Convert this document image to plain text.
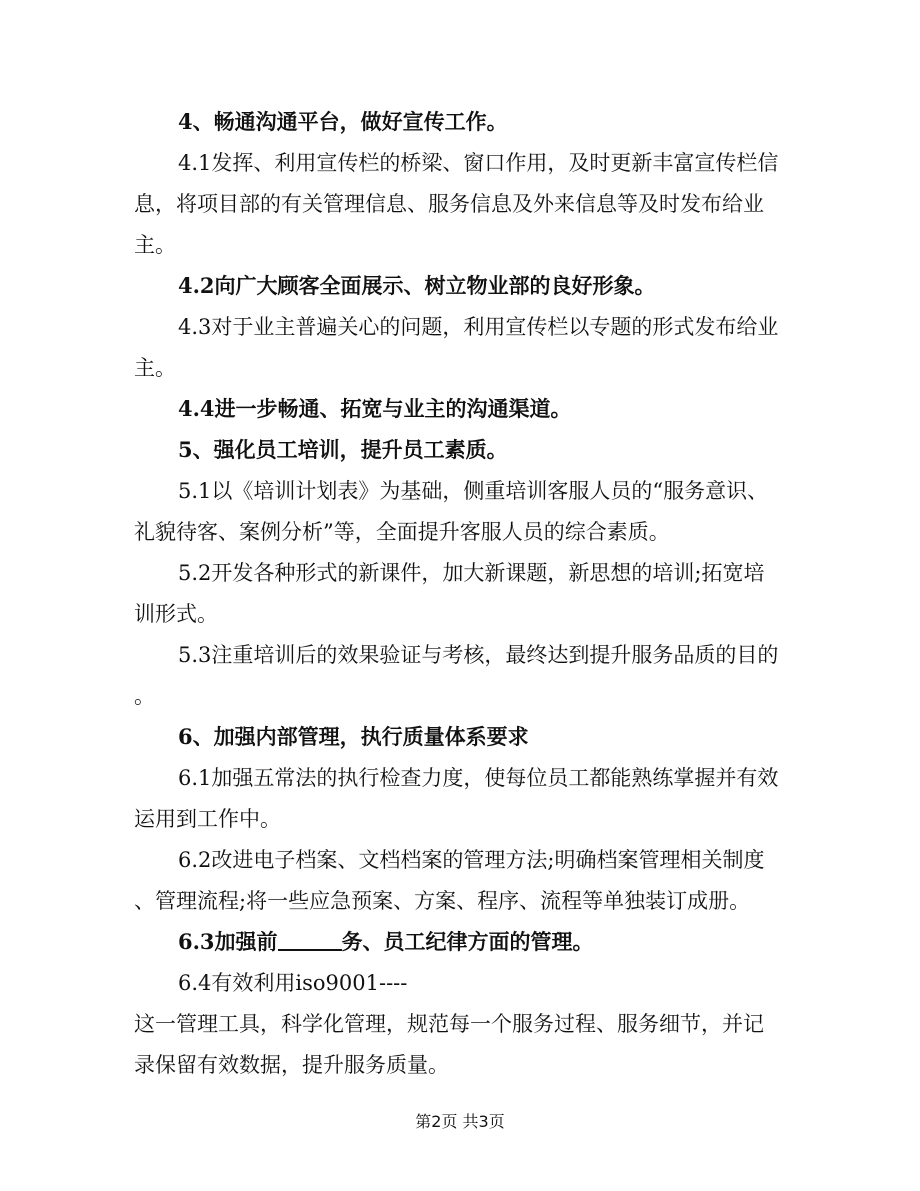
4、畅通沟通平台，做好宣传工作。
4.1发挥、利用宣传栏的桥梁、窗口作用，及时更新丰富宣传栏信
息，将项目部的有关管理信息、服务信息及外来信息等及时发布给业
主。
4.2向广大顾客全面展示、树立物业部的良好形象。
4.3对于业主普遍关心的问题，利用宣传栏以专题的形式发布给业
主。
4.4进一步畅通、拓宽与业主的沟通渠道。
5、强化员工培训，提升员工素质。
5.1以《培训计划表》为基础，侧重培训客服人员的“服务意识、
礼貌待客、案例分析”等，全面提升客服人员的综合素质。
5.2开发各种形式的新课件，加大新课题，新思想的培训;拓宽培
训形式。
5.3注重培训后的效果验证与考核，最终达到提升服务品质的目的
。
6、加强内部管理，执行质量体系要求
6.1加强五常法的执行检查力度，使每位员工都能熟练掌握并有效
运用到工作中。
6.2改进电子档案、文档档案的管理方法;明确档案管理相关制度
、管理流程;将一些应急预案、方案、程序、流程等单独装订成册。
6.3加强前	务、员工纪律方面的管理。
6.4有效利用iso9001----
这一管理工具，科学化管理，规范每一个服务过程、服务细节，并记
录保留有效数据，提升服务质量。
第2页 共3页
